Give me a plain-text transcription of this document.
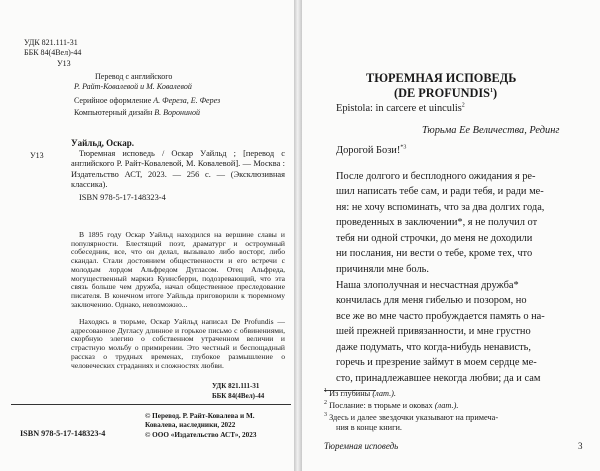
УДК 821.111-31
ББК 84(4Вел)-44
У13
Перевод с английского
Р. Райт-Ковалевой и М. Ковалевой
Серийное оформление А. Фереза, Е. Ферез
Компьютерный дизайн В. Ворониной
Уайльд, Оскар.
У13	Тюремная исповедь / Оскар Уайльд ; [перевод с английского Р. Райт-Ковалевой, М. Ковалевой]. — Москва : Издательство АСТ, 2023. — 256 с. — (Эксклюзивная классика).
ISBN 978-5-17-148323-4
В 1895 году Оскар Уайльд находился на вершине славы и популярности. Блестящий поэт, драматург и остроумный собеседник, все, что он делал, вызывало либо восторг, либо скандал. Стали достоянием общественности и его встречи с молодым лордом Альфредом Дугласом. Отец Альфреда, могущественный маркиз Куинсберри, подозревающий, что эта связь больше чем дружба, начал общественное преследование писателя. В конечном итоге Уайльда приговорили к тюремному заключению. Однако, невозможно...
Находясь в тюрьме, Оскар Уайльд написал De Profundis — адресованное Дугласу длинное и горькое письмо с обвинениями, скорбную элегию о собственном утраченном величии и страстную мольбу о примирении. Это честный и беспощадный рассказ о трудных временах, глубокое размышление о человеческих страданиях и сложностях любви.
УДК 821.111-31
ББК 84(4Вел)-44
ISBN 978-5-17-148323-4
© Перевод. Р. Райт-Ковалева и М. Ковалева, наследники, 2022
© ООО «Издательство АСТ», 2023
ТЮРЕМНАЯ ИСПОВЕДЬ
(DE PROFUNDIS$^1$)
Epistola: in carcere et uinculis$^2$
Тюрьма Ее Величества, Рединг
Дорогой Бози!$^{*3}$
После долгого и бесплодного ожидания я ре-
шил написать тебе сам, и ради тебя, и ради ме-
ня: не хочу вспоминать, что за два долгих года,
проведенных в заключении*, я не получил от
тебя ни одной строчки, до меня не доходили
ни послания, ни вести о тебе, кроме тех, что
причиняли мне боль.
Наша злополучная и несчастная дружба*
кончилась для меня гибелью и позором, но
все же во мне часто пробуждается память о на-
шей прежней привязанности, и мне грустно
даже подумать, что когда-нибудь ненависть,
горечь и презрение займут в моем сердце ме-
сто, принадлежавшее некогда любви; да и сам
$^1$ Из глубины (лат.).
$^2$ Послание: в тюрьме и оковах (лат.).
$^3$ Здесь и далее звездочки указывают на примеча-
ния в конце книги.
Тюремная исповедь	3
